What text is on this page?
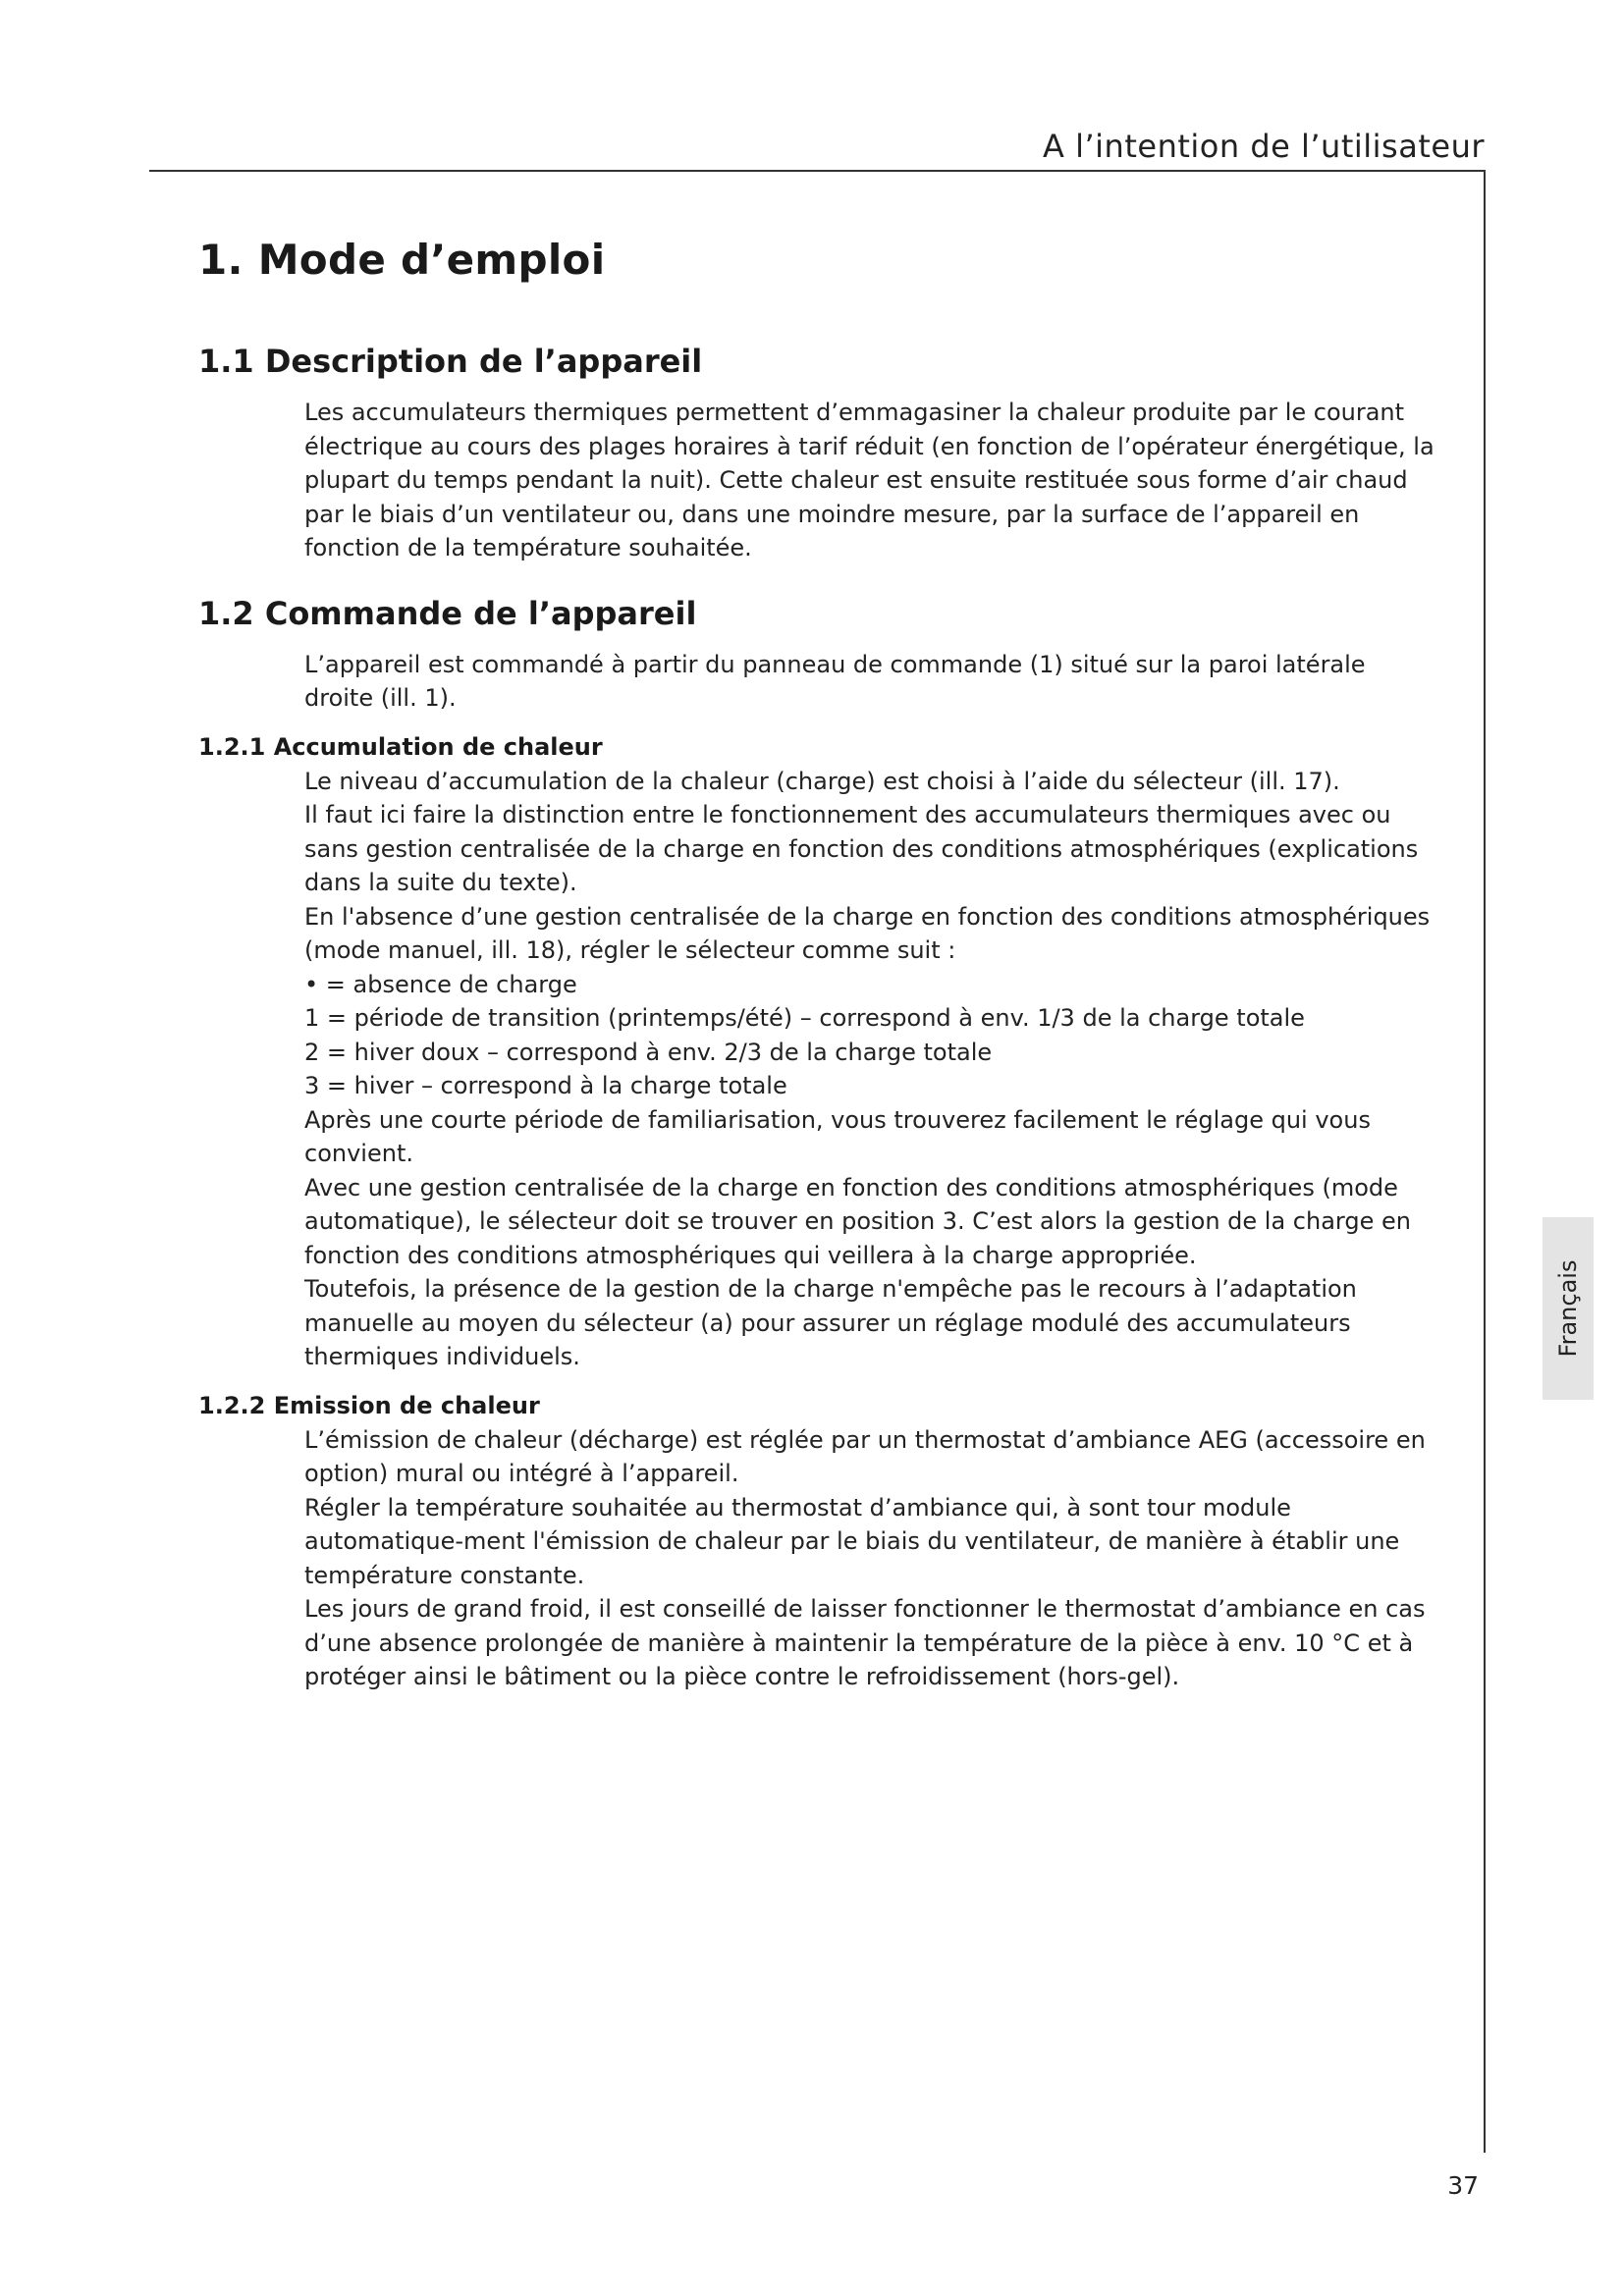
A l’intention de l’utilisateur
Français
37
1. Mode d’emploi
1.1 Description de l’appareil

Les accumulateurs thermiques permettent d’emmagasiner la chaleur produite par le courant électrique au cours des plages horaires à tarif réduit (en fonction de l’opérateur énergétique, la plupart du temps pendant la nuit). Cette chaleur est ensuite restituée sous forme d’air chaud par le biais d’un ventilateur ou, dans une moindre mesure, par la surface de l’appareil en fonction de la température souhaitée.

1.2 Commande de l’appareil

L’appareil est commandé à partir du panneau de commande (1) situé sur la paroi latérale droite (ill. 1).

1.2.1 Accumulation de chaleur

Le niveau d’accumulation de la chaleur (charge) est choisi à l’aide du sélecteur (ill. 17).

Il faut ici faire la distinction entre le fonctionnement des accumulateurs thermiques avec ou sans gestion centralisée de la charge en fonction des conditions atmosphériques (explications dans la suite du texte).

En l'absence d’une gestion centralisée de la charge en fonction des conditions atmosphériques (mode manuel, ill. 18), régler le sélecteur comme suit :

• = absence de charge

1 = période de transition (printemps/été) – correspond à env. 1/3 de la charge totale

2 = hiver doux – correspond à env. 2/3 de la charge totale

3 = hiver – correspond à la charge totale

Après une courte période de familiarisation, vous trouverez facilement le réglage qui vous convient.

Avec une gestion centralisée de la charge en fonction des conditions atmosphériques (mode automatique), le sélecteur doit se trouver en position 3. C’est alors la gestion de la charge en fonction des conditions atmosphériques qui veillera à la charge appropriée.

Toutefois, la présence de la gestion de la charge n'empêche pas le recours à l’adaptation manuelle au moyen du sélecteur (a) pour assurer un réglage modulé des accumulateurs thermiques individuels.

1.2.2 Emission de chaleur

L’émission de chaleur (décharge) est réglée par un thermostat d’ambiance AEG (accessoire en option) mural ou intégré à l’appareil.

Régler la température souhaitée au thermostat d’ambiance qui, à sont tour module automatique-ment l'émission de chaleur par le biais du ventilateur, de manière à établir une température constante.

Les jours de grand froid, il est conseillé de laisser fonctionner le thermostat d’ambiance en cas d’une absence prolongée de manière à maintenir la température de la pièce à env. 10 °C et à protéger ainsi le bâtiment ou la pièce contre le refroidissement (hors-gel).
